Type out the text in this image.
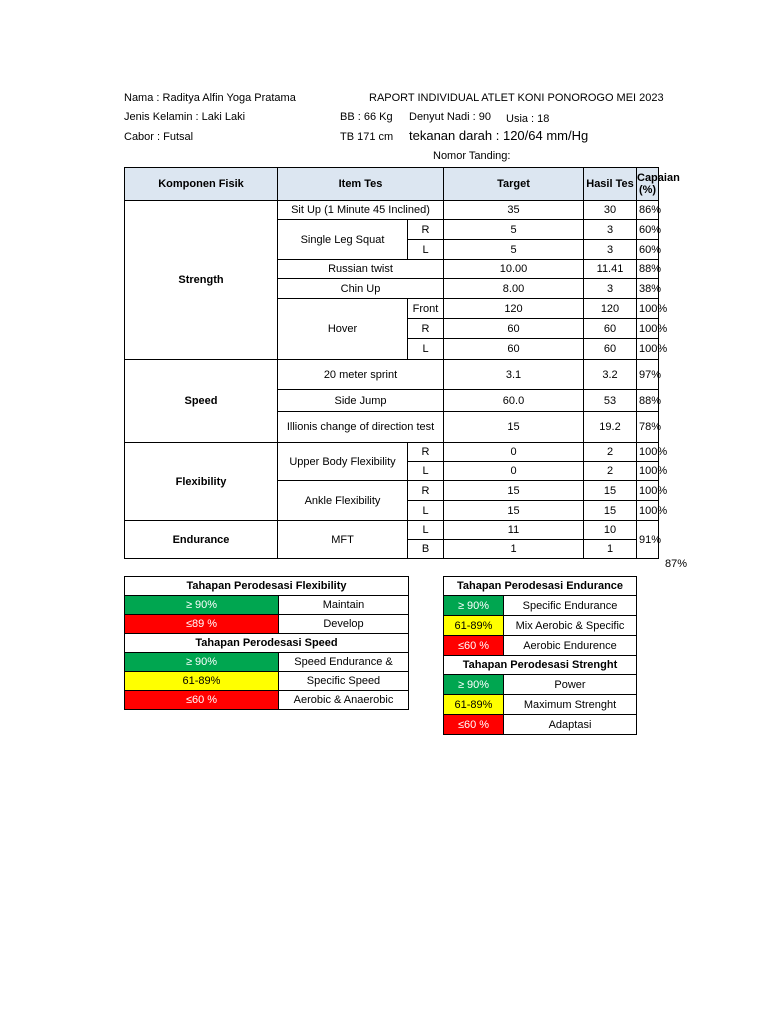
Nama : Raditya Alfin Yoga Pratama	RAPORT INDIVIDUAL ATLET KONI PONOROGO MEI 2023
Jenis Kelamin : Laki Laki	BB : 66 Kg Denyut Nadi : 90 Usia : 18
Cabor : Futsal	TB 171 cm tekanan darah : 120/64 mm/Hg
Nomor Tanding:
Komponen Fisik	Item Tes		Target	Hasil Tes	Capaian
(%)
Strength	Sit Up (1 Minute 45 Inclined)		35	30	86%
	Single Leg Squat	R	5	3	60%
		L	5	3	60%
	Russian twist		10.00	11.41	88%
	Chin Up		8.00	3	38%
	Hover	Front	120	120	100%
		R	60	60	100%
		L	60	60	100%
Speed	20 meter sprint		3.1	3.2	97%
	Side Jump		60.0	53	88%
	Illionis change of direction test		15	19.2	78%
Flexibility	Upper Body Flexibility	R	0	2	100%
		L	0	2	100%
	Ankle Flexibility	R	15	15	100%
		L	15	15	100%
Endurance	MFT	L	11	10	91%
		B	1	1	
87%
Tahapan Perodesasi Flexibility	
≥ 90%	Maintain
≤89 %	Develop
Tahapan Perodesasi Speed	
≥ 90%	Speed Endurance &
61-89%	Specific Speed
≤60 %	Aerobic & Anaerobic
Tahapan Perodesasi Endurance	
≥ 90%	Specific Endurance
61-89%	Mix Aerobic & Specific
≤60 %	Aerobic Endurence
Tahapan Perodesasi Strenght	
≥ 90%	Power
61-89%	Maximum Strenght
≤60 %	Adaptasi
